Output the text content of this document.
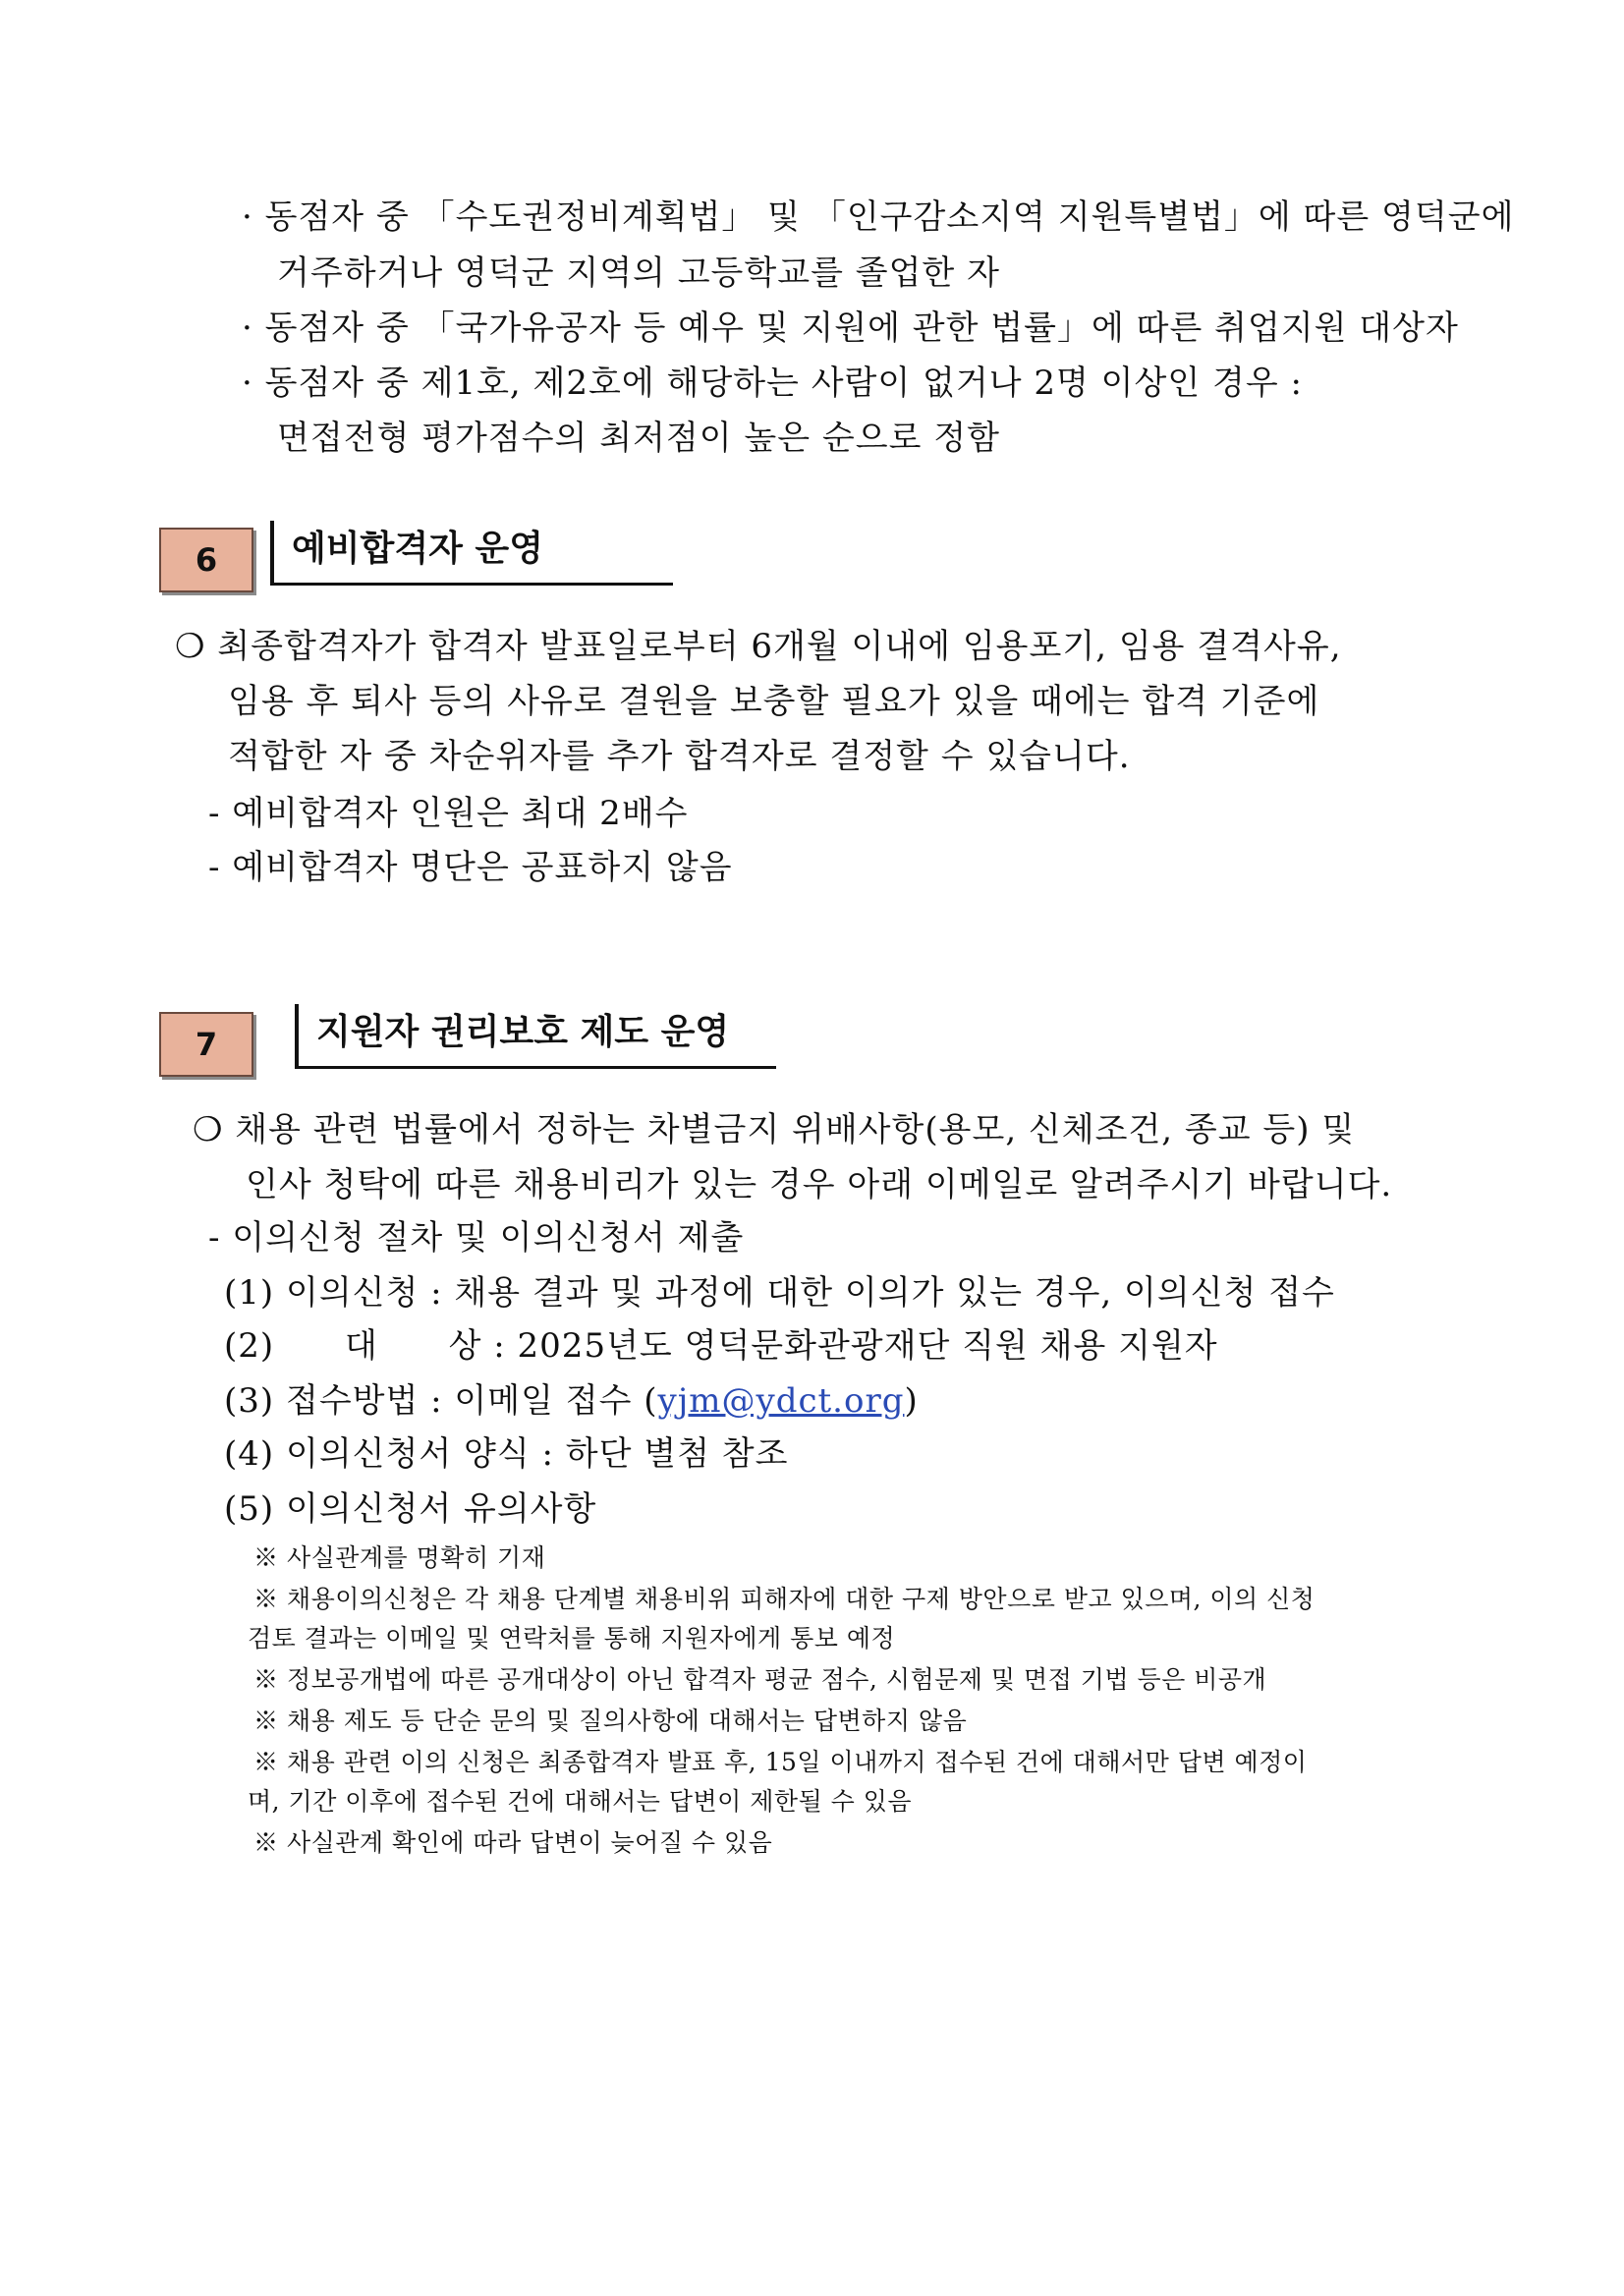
· 동점자 중 「수도권정비계획법」 및 「인구감소지역 지원특별법」에 따른 영덕군에
거주하거나 영덕군 지역의 고등학교를 졸업한 자
· 동점자 중 「국가유공자 등 예우 및 지원에 관한 법률」에 따른 취업지원 대상자
· 동점자 중 제1호, 제2호에 해당하는 사람이 없거나 2명 이상인 경우 :
면접전형 평가점수의 최저점이 높은 순으로 정함
6	예비합격자 운영
❍ 최종합격자가 합격자 발표일로부터 6개월 이내에 임용포기, 임용 결격사유,
임용 후 퇴사 등의 사유로 결원을 보충할 필요가 있을 때에는 합격 기준에
적합한 자 중 차순위자를 추가 합격자로 결정할 수 있습니다.
- 예비합격자 인원은 최대 2배수
- 예비합격자 명단은 공표하지 않음
7	지원자 권리보호 제도 운영
❍ 채용 관련 법률에서 정하는 차별금지 위배사항(용모, 신체조건, 종교 등) 및
인사 청탁에 따른 채용비리가 있는 경우 아래 이메일로 알려주시기 바랍니다.
- 이의신청 절차 및 이의신청서 제출
(1) 이의신청 : 채용 결과 및 과정에 대한 이의가 있는 경우, 이의신청 접수
(2) 대 상 : 2025년도 영덕문화관광재단 직원 채용 지원자
(3) 접수방법 : 이메일 접수 (yjm@ydct.org)
(4) 이의신청서 양식 : 하단 별첨 참조
(5) 이의신청서 유의사항
※ 사실관계를 명확히 기재
※ 채용이의신청은 각 채용 단계별 채용비위 피해자에 대한 구제 방안으로 받고 있으며, 이의 신청
검토 결과는 이메일 및 연락처를 통해 지원자에게 통보 예정
※ 정보공개법에 따른 공개대상이 아닌 합격자 평균 점수, 시험문제 및 면접 기법 등은 비공개
※ 채용 제도 등 단순 문의 및 질의사항에 대해서는 답변하지 않음
※ 채용 관련 이의 신청은 최종합격자 발표 후, 15일 이내까지 접수된 건에 대해서만 답변 예정이
며, 기간 이후에 접수된 건에 대해서는 답변이 제한될 수 있음
※ 사실관계 확인에 따라 답변이 늦어질 수 있음
